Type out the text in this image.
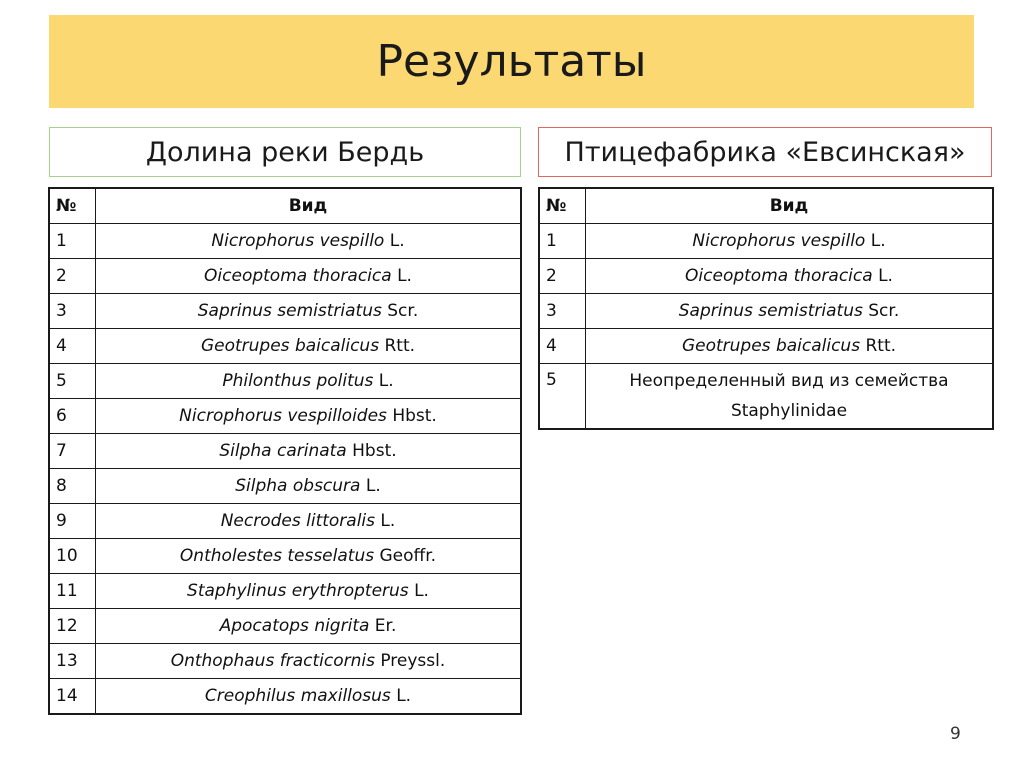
Результаты
Долина реки Бердь	Птицефабрика «Евсинская»
№	Вид
1	Nicrophorus vespillo L.
2	Oiceoptoma thoracica L.
3	Saprinus semistriatus Scr.
4	Geotrupes baicalicus Rtt.
5	Philonthus politus L.
6	Nicrophorus vespilloides Hbst.
7	Silpha carinata Hbst.
8	Silpha obscura L.
9	Necrodes littoralis L.
10	Ontholestes tesselatus Geoffr.
11	Staphylinus erythropterus L.
12	Apocatops nigrita Er.
13	Onthophaus fracticornis Preyssl.
14	Creophilus maxillosus L.
№	Вид
1	Nicrophorus vespillo L.
2	Oiceoptoma thoracica L.
3	Saprinus semistriatus Scr.
4	Geotrupes baicalicus Rtt.
5	Неопределенный вид из семейства
Staphylinidae
9
